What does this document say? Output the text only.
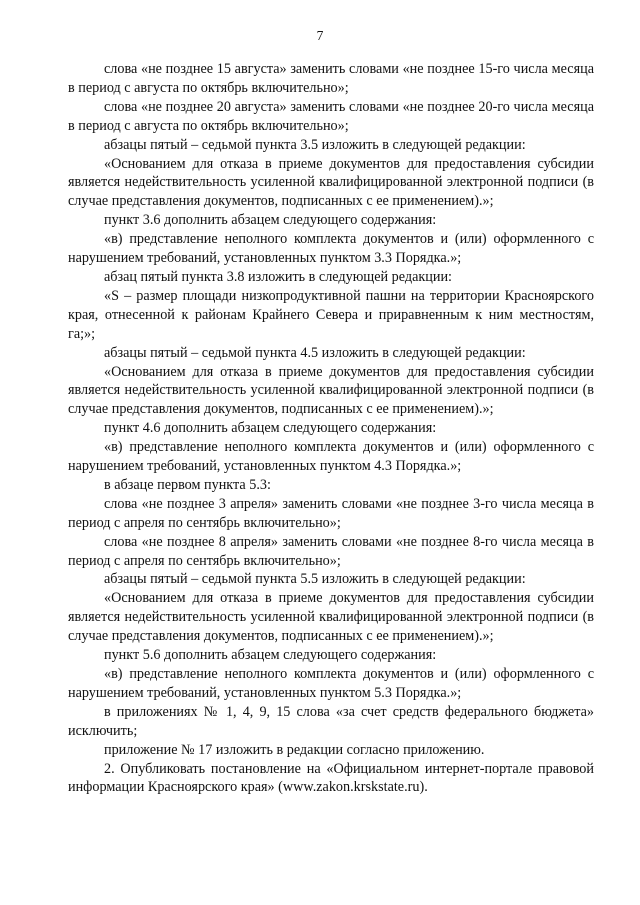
7

слова «не позднее 15 августа» заменить словами «не позднее 15-го числа месяца в период с августа по октябрь включительно»;

слова «не позднее 20 августа» заменить словами «не позднее 20-го числа месяца в период с августа по октябрь включительно»;

абзацы пятый – седьмой пункта 3.5 изложить в следующей редакции:

«Основанием для отказа в приеме документов для предоставления субсидии является недействительность усиленной квалифицированной электронной подписи (в случае представления документов, подписанных с ее применением).»;

пункт 3.6 дополнить абзацем следующего содержания:

«в) представление неполного комплекта документов и (или) оформленного с нарушением требований, установленных пунктом 3.3 Порядка.»;

абзац пятый пункта 3.8 изложить в следующей редакции:

«S – размер площади низкопродуктивной пашни на территории Красноярского края, отнесенной к районам Крайнего Севера и приравненным к ним местностям, га;»;

абзацы пятый – седьмой пункта 4.5 изложить в следующей редакции:

«Основанием для отказа в приеме документов для предоставления субсидии является недействительность усиленной квалифицированной электронной подписи (в случае представления документов, подписанных с ее применением).»;

пункт 4.6 дополнить абзацем следующего содержания:

«в) представление неполного комплекта документов и (или) оформленного с нарушением требований, установленных пунктом 4.3 Порядка.»;

в абзаце первом пункта 5.3:

слова «не позднее 3 апреля» заменить словами «не позднее 3-го числа месяца в период с апреля по сентябрь включительно»;

слова «не позднее 8 апреля» заменить словами «не позднее 8-го числа месяца в период с апреля по сентябрь включительно»;

абзацы пятый – седьмой пункта 5.5 изложить в следующей редакции:

«Основанием для отказа в приеме документов для предоставления субсидии является недействительность усиленной квалифицированной электронной подписи (в случае представления документов, подписанных с ее применением).»;

пункт 5.6 дополнить абзацем следующего содержания:

«в) представление неполного комплекта документов и (или) оформленного с нарушением требований, установленных пунктом 5.3 Порядка.»;

в приложениях № 1, 4, 9, 15 слова «за счет средств федерального бюджета» исключить;

приложение № 17 изложить в редакции согласно приложению.

2. Опубликовать постановление на «Официальном интернет-портале правовой информации Красноярского края» (www.zakon.krskstate.ru).
